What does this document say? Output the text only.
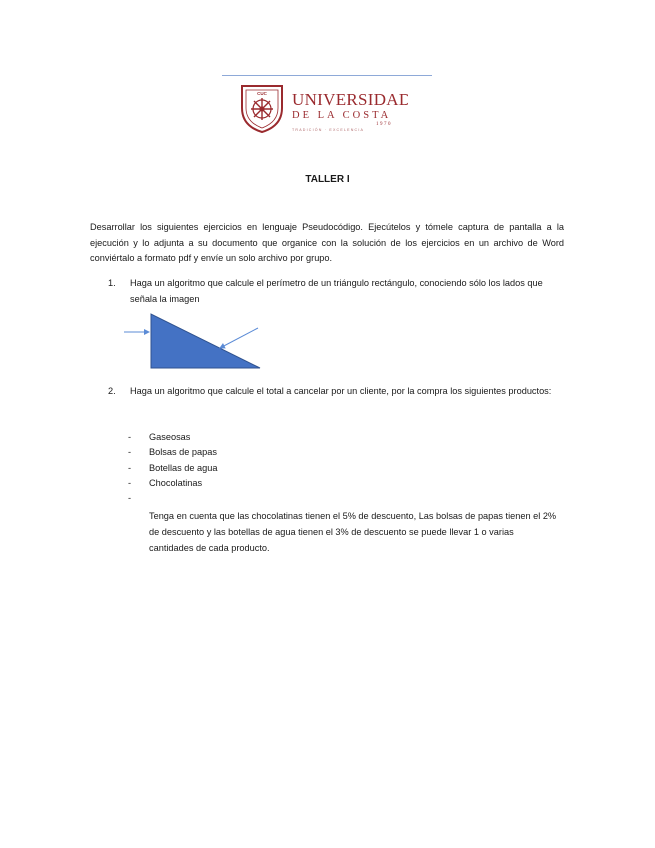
CUC UNIVERSIDAD
DE LA COSTA
1970
TRADICIÓN · EXCELENCIA
TALLER I
Desarrollar los siguientes ejercicios en lenguaje Pseudocódigo. Ejecútelos y tómele captura de pantalla a la ejecución y lo adjunta a su documento que organice con la solución de los ejercicios en un archivo de Word conviértalo a formato pdf y envíe un solo archivo por grupo.
1. Haga un algoritmo que calcule el perímetro de un triángulo rectángulo, conociendo sólo los lados que señala la imagen
2. Haga un algoritmo que calcule el total a cancelar por un cliente, por la compra los siguientes productos:
- Gaseosas
- Bolsas de papas
- Botellas de agua
- Chocolatinas
-
Tenga en cuenta que las chocolatinas tienen el 5% de descuento, Las bolsas de papas tienen el 2% de descuento y las botellas de agua tienen el 3% de descuento se puede llevar 1 o varias cantidades de cada producto.
